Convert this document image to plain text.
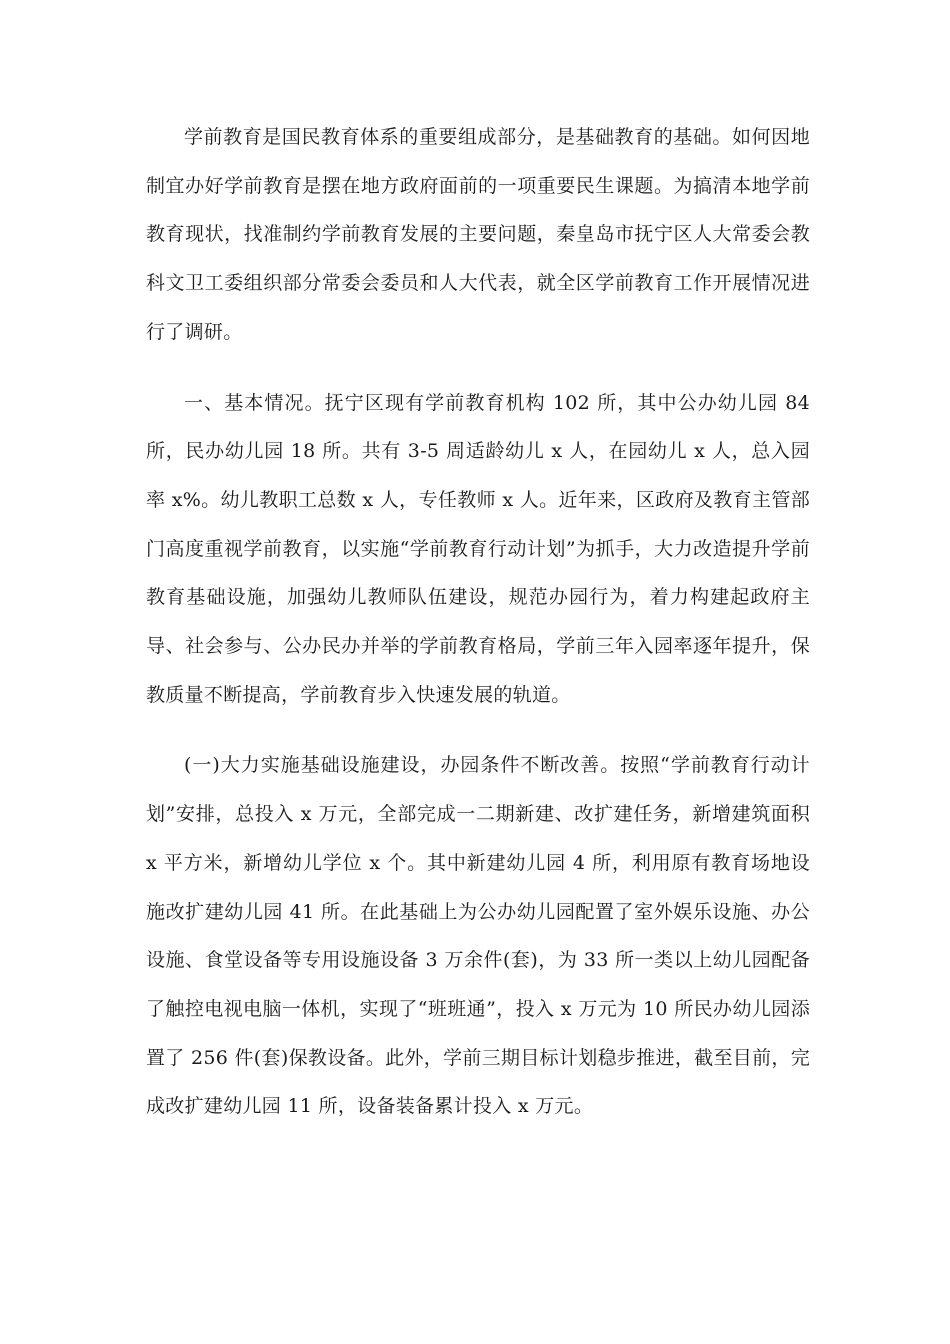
学前教育是国民教育体系的重要组成部分，是基础教育的基础。如何因地制宜办好学前教育是摆在地方政府面前的一项重要民生课题。为搞清本地学前教育现状，找准制约学前教育发展的主要问题，秦皇岛市抚宁区人大常委会教科文卫工委组织部分常委会委员和人大代表，就全区学前教育工作开展情况进行了调研。

一、基本情况。抚宁区现有学前教育机构 102 所，其中公办幼儿园 84 所，民办幼儿园 18 所。共有 3-5 周适龄幼儿 x 人，在园幼儿 x 人，总入园率 x%。幼儿教职工总数 x 人，专任教师 x 人。近年来，区政府及教育主管部门高度重视学前教育，以实施“学前教育行动计划”为抓手，大力改造提升学前教育基础设施，加强幼儿教师队伍建设，规范办园行为，着力构建起政府主导、社会参与、公办民办并举的学前教育格局，学前三年入园率逐年提升，保教质量不断提高，学前教育步入快速发展的轨道。

(一)大力实施基础设施建设，办园条件不断改善。按照“学前教育行动计划”安排，总投入 x 万元，全部完成一二期新建、改扩建任务，新增建筑面积 x 平方米，新增幼儿学位 x 个。其中新建幼儿园 4 所，利用原有教育场地设施改扩建幼儿园 41 所。在此基础上为公办幼儿园配置了室外娱乐设施、办公设施、食堂设备等专用设施设备 3 万余件(套)，为 33 所一类以上幼儿园配备了触控电视电脑一体机，实现了“班班通”，投入 x 万元为 10 所民办幼儿园添置了 256 件(套)保教设备。此外，学前三期目标计划稳步推进，截至目前，完成改扩建幼儿园 11 所，设备装备累计投入 x 万元。
